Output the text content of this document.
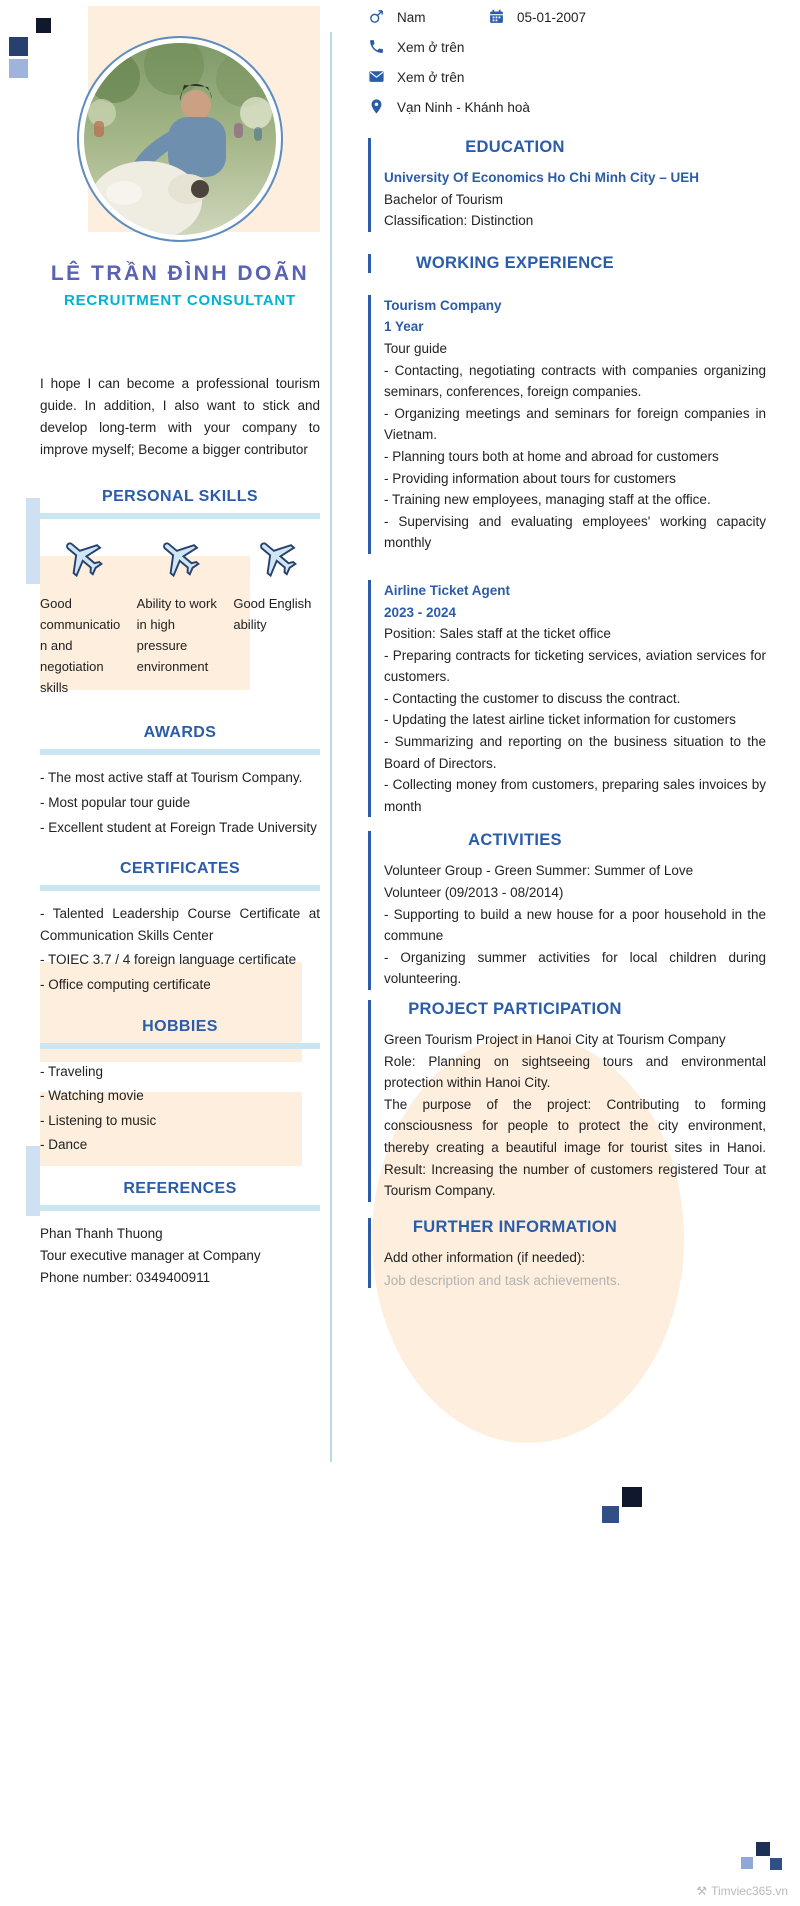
LÊ TRẦN ĐÌNH DOÃN
RECRUITMENT CONSULTANT

I hope I can become a professional tourism guide. In addition, I also want to stick and develop long-term with your company to improve myself; Become a bigger contributor

PERSONAL SKILLS
Good communication and negotiation skills
Ability to work in high pressure environment
Good English ability
AWARDS
- The most active staff at Tourism Company.
- Most popular tour guide
- Excellent student at Foreign Trade University
CERTIFICATES
- Talented Leadership Course Certificate at Communication Skills Center
- TOIEC 3.7 / 4 foreign language certificate
- Office computing certificate
HOBBIES
- Traveling
- Watching movie
- Listening to music
- Dance
REFERENCES
Phan Thanh Thuong
Tour executive manager at Company
Phone number: 0349400911
Nam	05-01-2007
Xem ở trên
Xem ở trên
Vạn Ninh - Khánh hoà
EDUCATION
University Of Economics Ho Chi Minh City – UEH
Bachelor of Tourism
Classification: Distinction
WORKING EXPERIENCE
Tourism Company
1 Year
Tour guide
- Contacting, negotiating contracts with companies organizing seminars, conferences, foreign companies.
- Organizing meetings and seminars for foreign companies in Vietnam.
- Planning tours both at home and abroad for customers
- Providing information about tours for customers
- Training new employees, managing staff at the office.
- Supervising and evaluating employees' working capacity monthly
Airline Ticket Agent
2023 - 2024
Position: Sales staff at the ticket office
- Preparing contracts for ticketing services, aviation services for customers.
- Contacting the customer to discuss the contract.
- Updating the latest airline ticket information for customers
- Summarizing and reporting on the business situation to the Board of Directors.
- Collecting money from customers, preparing sales invoices by month
ACTIVITIES
Volunteer Group - Green Summer: Summer of Love
Volunteer (09/2013 - 08/2014)
- Supporting to build a new house for a poor household in the commune
- Organizing summer activities for local children during volunteering.
PROJECT PARTICIPATION
Green Tourism Project in Hanoi City at Tourism Company
Role: Planning on sightseeing tours and environmental protection within Hanoi City.
The purpose of the project: Contributing to forming consciousness for people to protect the city environment, thereby creating a beautiful image for tourist sites in Hanoi. Result: Increasing the number of customers registered Tour at Tourism Company.
FURTHER INFORMATION
Add other information (if needed):
Job description and task achievements.
⚒ Timviec365.vn
